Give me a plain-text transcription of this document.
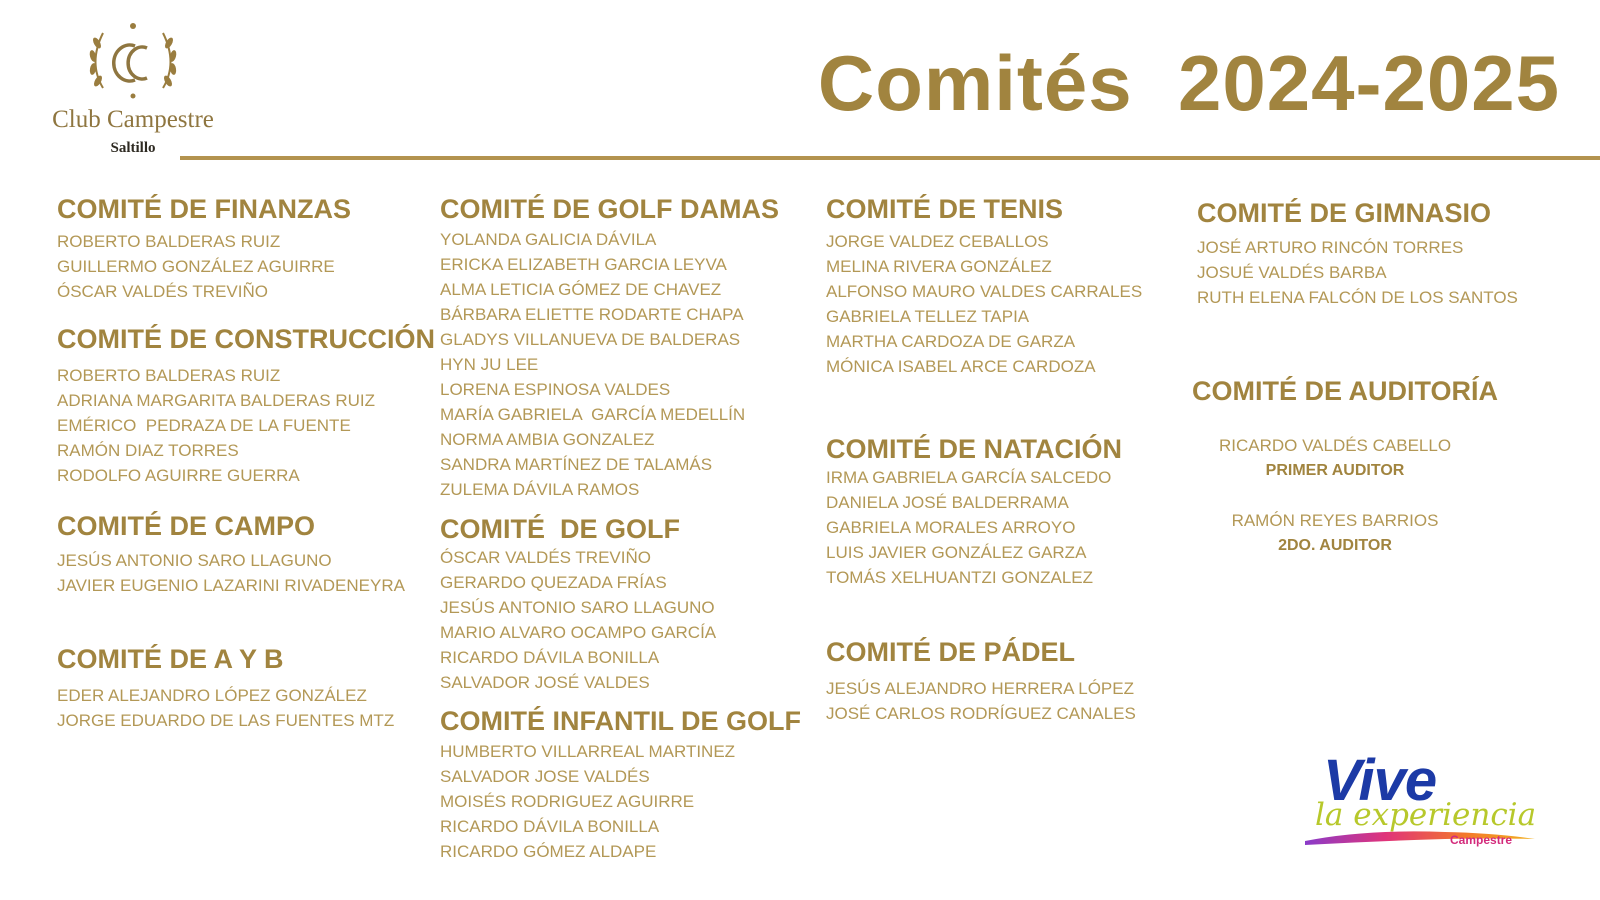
Club Campestre
Saltillo
Comités  2024-2025
COMITÉ DE FINANZAS
ROBERTO BALDERAS RUIZ
GUILLERMO GONZÁLEZ AGUIRRE
ÓSCAR VALDÉS TREVIÑO
COMITÉ DE CONSTRUCCIÓN
ROBERTO BALDERAS RUIZ
ADRIANA MARGARITA BALDERAS RUIZ
EMÉRICO  PEDRAZA DE LA FUENTE
RAMÓN DIAZ TORRES
RODOLFO AGUIRRE GUERRA
COMITÉ DE CAMPO
JESÚS ANTONIO SARO LLAGUNO
JAVIER EUGENIO LAZARINI RIVADENEYRA
COMITÉ DE A Y B
EDER ALEJANDRO LÓPEZ GONZÁLEZ
JORGE EDUARDO DE LAS FUENTES MTZ
COMITÉ DE GOLF DAMAS
YOLANDA GALICIA DÁVILA
ERICKA ELIZABETH GARCIA LEYVA
ALMA LETICIA GÓMEZ DE CHAVEZ
BÁRBARA ELIETTE RODARTE CHAPA
GLADYS VILLANUEVA DE BALDERAS
HYN JU LEE
LORENA ESPINOSA VALDES
MARÍA GABRIELA  GARCÍA MEDELLÍN
NORMA AMBIA GONZALEZ
SANDRA MARTÍNEZ DE TALAMÁS
ZULEMA DÁVILA RAMOS
COMITÉ  DE GOLF
ÓSCAR VALDÉS TREVIÑO
GERARDO QUEZADA FRÍAS
JESÚS ANTONIO SARO LLAGUNO
MARIO ALVARO OCAMPO GARCÍA
RICARDO DÁVILA BONILLA
SALVADOR JOSÉ VALDES
COMITÉ INFANTIL DE GOLF
HUMBERTO VILLARREAL MARTINEZ
SALVADOR JOSE VALDÉS
MOISÉS RODRIGUEZ AGUIRRE
RICARDO DÁVILA BONILLA
RICARDO GÓMEZ ALDAPE
COMITÉ DE TENIS
JORGE VALDEZ CEBALLOS
MELINA RIVERA GONZÁLEZ
ALFONSO MAURO VALDES CARRALES
GABRIELA TELLEZ TAPIA
MARTHA CARDOZA DE GARZA
MÓNICA ISABEL ARCE CARDOZA
COMITÉ DE NATACIÓN
IRMA GABRIELA GARCÍA SALCEDO
DANIELA JOSÉ BALDERRAMA
GABRIELA MORALES ARROYO
LUIS JAVIER GONZÁLEZ GARZA
TOMÁS XELHUANTZI GONZALEZ
COMITÉ DE PÁDEL
JESÚS ALEJANDRO HERRERA LÓPEZ
JOSÉ CARLOS RODRÍGUEZ CANALES
COMITÉ DE GIMNASIO
JOSÉ ARTURO RINCÓN TORRES
JOSUÉ VALDÉS BARBA
RUTH ELENA FALCÓN DE LOS SANTOS
COMITÉ DE AUDITORÍA
RICARDO VALDÉS CABELLO
PRIMER AUDITOR
RAMÓN REYES BARRIOS
2DO. AUDITOR
Vive
la experiencia
Campestre
